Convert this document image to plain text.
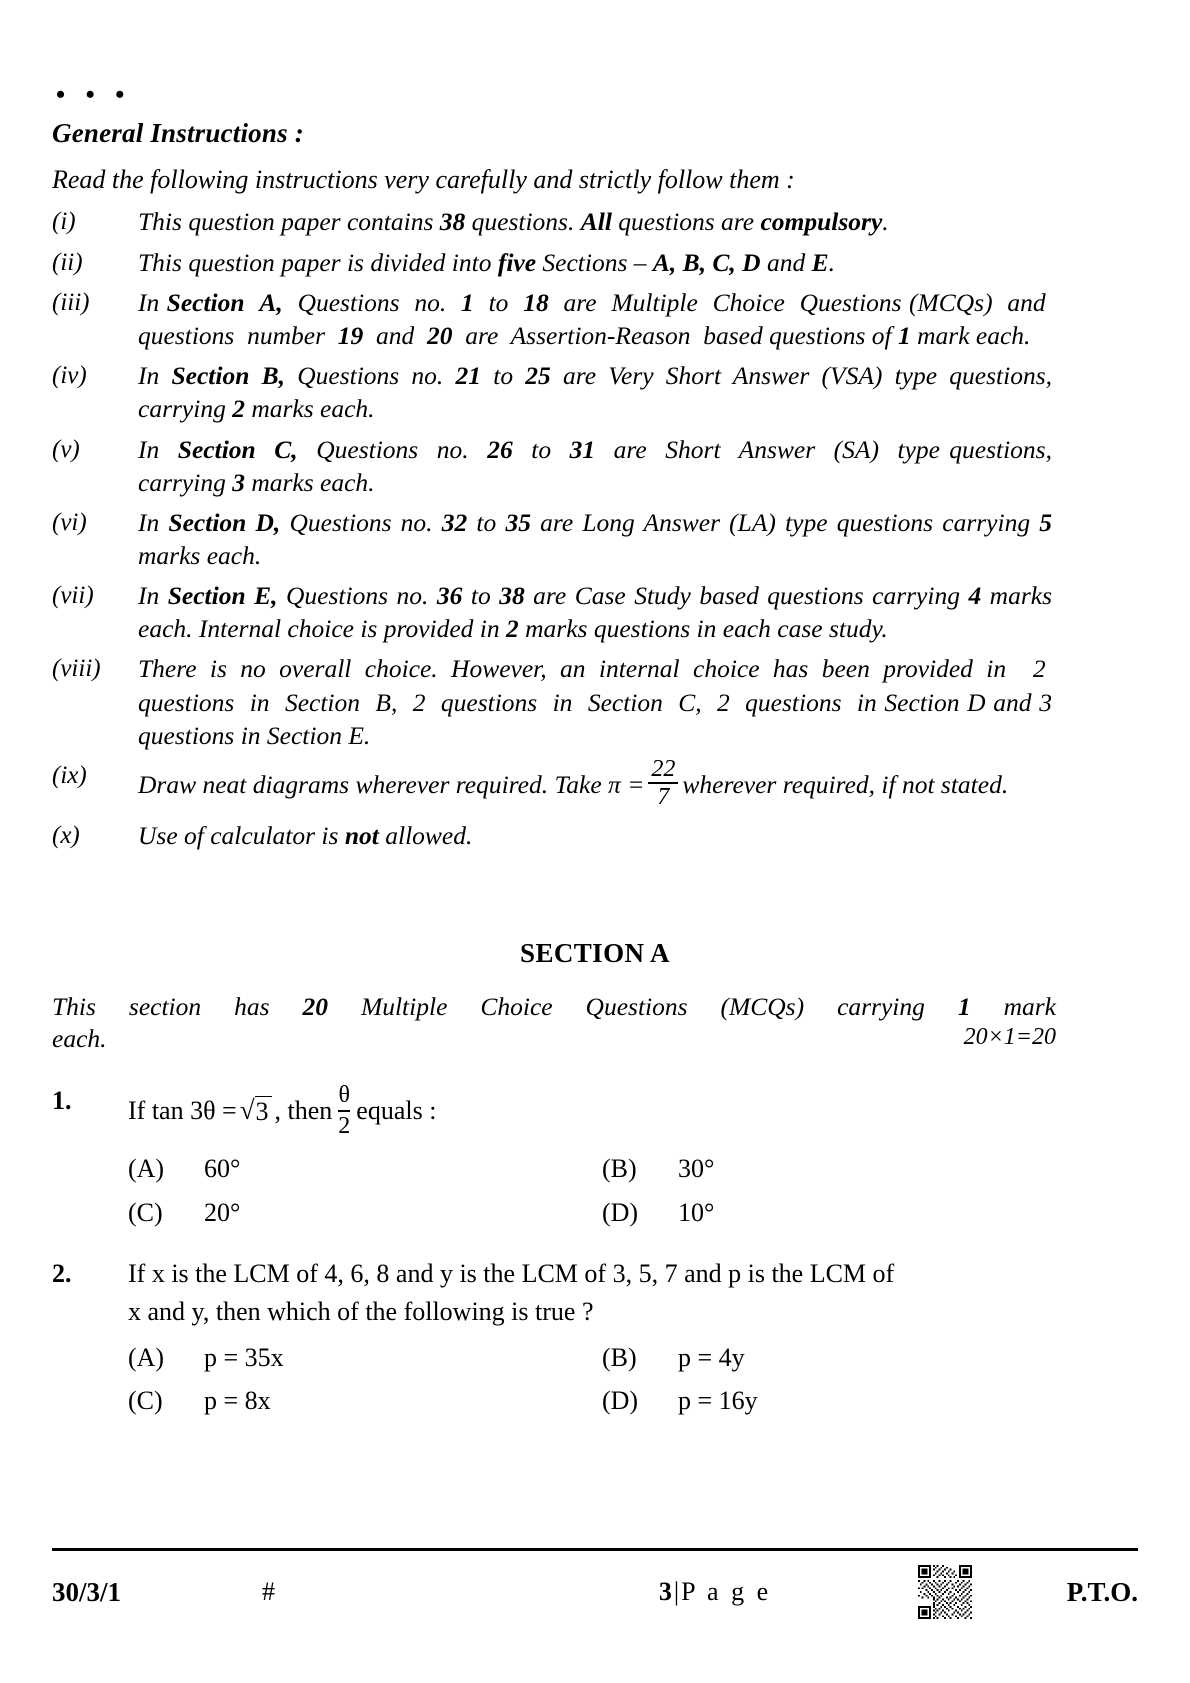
• • •
General Instructions :
Read the following instructions very carefully and strictly follow them :
(i)	This question paper contains 38 questions. All questions are compulsory.
(ii)	This question paper is divided into five Sections – A, B, C, D and E.
(iii)	In Section  A,  Questions  no.  1  to  18  are  Multiple  Choice  Questions (MCQs)  and  questions  number  19  and  20  are  Assertion-Reason  based questions of 1 mark each.
(iv)	In Section B, Questions no. 21 to 25 are Very Short Answer (VSA) type questions, carrying 2 marks each.
(v)	In  Section  C,  Questions  no.  26  to  31  are  Short  Answer  (SA)  type questions, carrying 3 marks each.
(vi)	In Section D, Questions no. 32 to 35 are Long Answer (LA) type questions carrying 5 marks each.
(vii)	In Section E, Questions no. 36 to 38 are Case Study based questions carrying 4 marks each. Internal choice is provided in 2 marks questions in each case study.
(viii)	There is no overall choice. However, an internal choice has been provided in  2  questions  in  Section  B,  2  questions  in  Section  C,  2  questions  in Section D and 3 questions in Section E.
(ix)	Draw neat diagrams wherever required. Take $\pi = \frac{22}{7}$ wherever required, if not stated.
(x)	Use of calculator is not allowed.
SECTION A
This  section  has  20  Multiple  Choice  Questions  (MCQs)  carrying  1  mark
each.	20×1=20
1.	If tan 3θ = √ 3 , then $\frac{\theta}{2}$ equals :
(A)	60°	(B)	30°
(C)	20°	(D)	10°
2.	If x is the LCM of 4, 6, 8 and y is the LCM of 3, 5, 7 and p is the LCM of
x and y, then which of the following is true ?
(A)	p = 35x	(B)	p = 4y
(C)	p = 8x	(D)	p = 16y
30/3/1	#	3|P a g e	P.T.O.
